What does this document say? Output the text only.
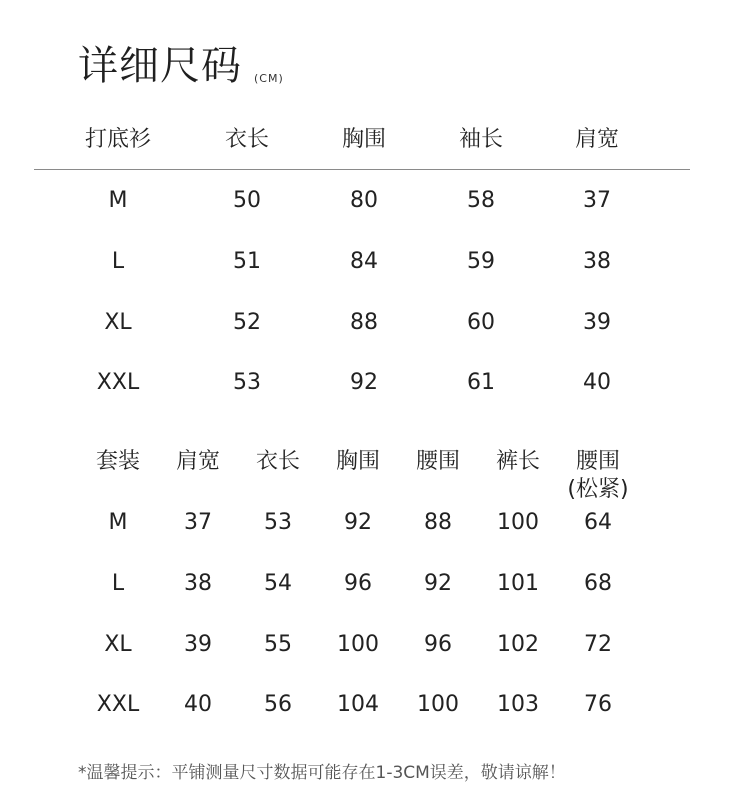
详细尺码 (CM)
打底衫	衣长	胸围	袖长	肩宽
M	50	80	58	37
L	51	84	59	38
XL	52	88	60	39
XXL	53	92	61	40
套装 肩宽 衣长 胸围 腰围 裤长 腰围
(松紧)
M	37 53 92 88 100 64
L	38 54 96 92 101 68
XL 39 55 100 96 102 72
XXL 40 56 104 100 103 76
*温馨提示：平铺测量尺寸数据可能存在1-3CM误差，敬请谅解！
